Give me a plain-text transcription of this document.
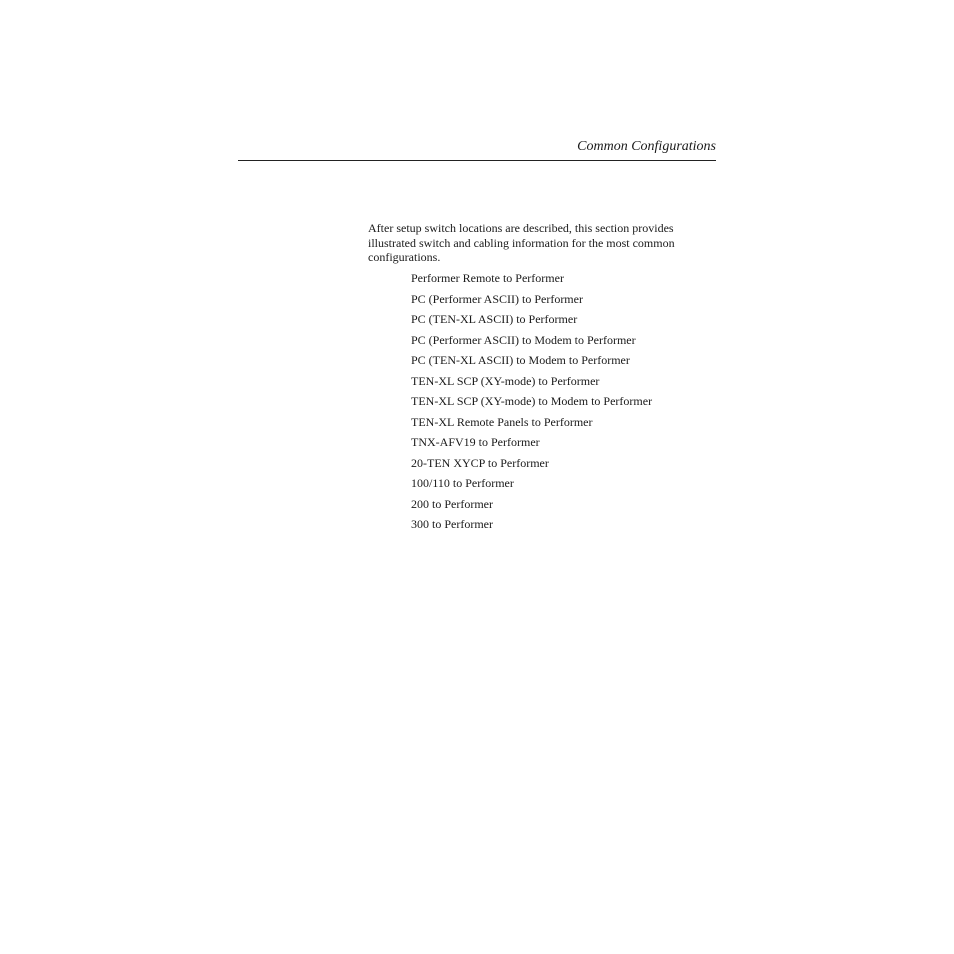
Common Configurations

After setup switch locations are described, this section provides illustrated switch and cabling information for the most common configurations.

Performer Remote to Performer
PC (Performer ASCII) to Performer
PC (TEN-XL ASCII) to Performer
PC (Performer ASCII) to Modem to Performer
PC (TEN-XL ASCII) to Modem to Performer
TEN-XL SCP (XY-mode) to Performer
TEN-XL SCP (XY-mode) to Modem to Performer
TEN-XL Remote Panels to Performer
TNX-AFV19 to Performer
20-TEN XYCP to Performer
100/110 to Performer
200 to Performer
300 to Performer
